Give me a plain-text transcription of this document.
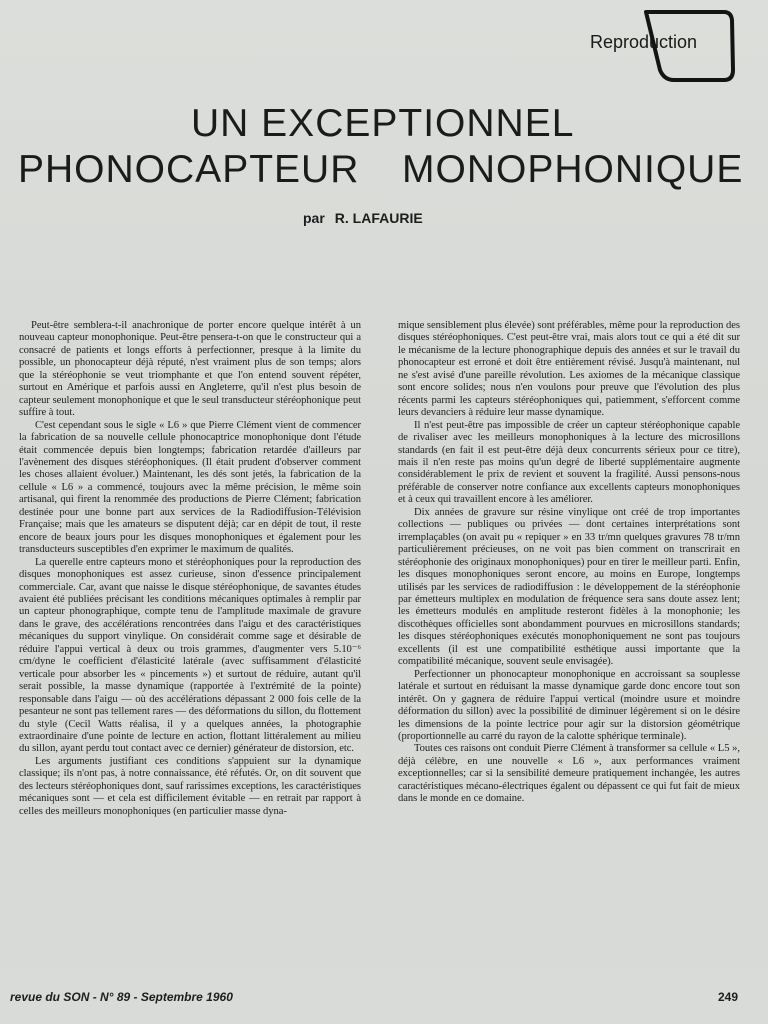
Reproduction
UN EXCEPTIONNEL
PHONOCAPTEUR MONOPHONIQUE
par R. LAFAURIE

Peut-être semblera-t-il anachronique de porter encore quelque intérêt à un nouveau capteur monophonique. Peut-être pensera-t-on que le constructeur qui a consacré de patients et longs efforts à perfectionner, presque à la limite du possible, un phonocapteur déjà réputé, n'est vraiment plus de son temps; alors que la stéréophonie se veut triomphante et que l'on entend souvent répéter, surtout en Amérique et parfois aussi en Angleterre, qu'il n'est plus besoin de capteur seulement monophonique et que le seul transducteur stéréophonique peut suffire à tout.

C'est cependant sous le sigle « L6 » que Pierre Clément vient de commencer la fabrication de sa nouvelle cellule phonocaptrice monophonique dont l'étude était commencée depuis bien longtemps; fabrication retardée d'ailleurs par l'avènement des disques stéréophoniques. (Il était prudent d'observer comment les choses allaient évoluer.) Maintenant, les dés sont jetés, la fabrication de la cellule « L6 » a commencé, toujours avec la même précision, le même soin artisanal, qui firent la renommée des productions de Pierre Clément; fabrication destinée pour une bonne part aux services de la Radiodiffusion-Télévision Française; mais que les amateurs se disputent déjà; car en dépit de tout, il reste encore de beaux jours pour les disques monophoniques et également pour les transducteurs susceptibles d'en exprimer le maximum de qualités.

La querelle entre capteurs mono et stéréophoniques pour la reproduction des disques monophoniques est assez curieuse, sinon d'essence principalement commerciale. Car, avant que naisse le disque stéréophonique, de savantes études avaient été publiées précisant les conditions mécaniques optimales à remplir par un capteur phonographique, compte tenu de l'amplitude maximale de gravure dans le grave, des accélérations rencontrées dans l'aigu et des caractéristiques mécaniques du support vinylique. On considérait comme sage et désirable de réduire l'appui vertical à deux ou trois grammes, d'augmenter vers 5.10⁻⁶ cm/dyne le coefficient d'élasticité latérale (avec suffisamment d'élasticité verticale pour absorber les « pincements ») et surtout de réduire, autant qu'il serait possible, la masse dynamique (rapportée à l'extrémité de la pointe) responsable dans l'aigu — où des accélérations dépassant 2 000 fois celle de la pesanteur ne sont pas tellement rares — des déformations du sillon, du flottement du style (Cecil Watts réalisa, il y a quelques années, la photographie extraordinaire d'une pointe de lecture en action, flottant littéralement au milieu du sillon, ayant perdu tout contact avec ce dernier) générateur de distorsion, etc.

Les arguments justifiant ces conditions s'appuient sur la dynamique classique; ils n'ont pas, à notre connaissance, été réfutés. Or, on dit souvent que des lecteurs stéréophoniques dont, sauf rarissimes exceptions, les caractéristiques mécaniques sont — et cela est difficilement évitable — en retrait par rapport à celles des meilleurs monophoniques (en particulier masse dyna-

mique sensiblement plus élevée) sont préférables, même pour la reproduction des disques stéréophoniques. C'est peut-être vrai, mais alors tout ce qui a été dit sur le mécanisme de la lecture phonographique depuis des années et sur le travail du phonocapteur est erroné et doit être entièrement révisé. Jusqu'à maintenant, nul ne s'est avisé d'une pareille révolution. Les axiomes de la mécanique classique sont encore solides; nous n'en voulons pour preuve que l'évolution des plus récents parmi les capteurs stéréophoniques qui, patiemment, s'efforcent comme leurs devanciers à réduire leur masse dynamique.

Il n'est peut-être pas impossible de créer un capteur stéréophonique capable de rivaliser avec les meilleurs monophoniques à la lecture des microsillons standards (en fait il est peut-être déjà deux concurrents sérieux pour ce titre), mais il n'en reste pas moins qu'un degré de liberté supplémentaire augmente considérablement le prix de revient et souvent la fragilité. Aussi pensons-nous préférable de conserver notre confiance aux excellents capteurs monophoniques et à ceux qui travaillent encore à les améliorer.

Dix années de gravure sur résine vinylique ont créé de trop importantes collections — publiques ou privées — dont certaines interprétations sont irremplaçables (on avait pu « repiquer » en 33 tr/mn quelques gravures 78 tr/mn particulièrement précieuses, on ne voit pas bien comment on transcrirait en stéréophonie des originaux monophoniques) pour en tirer le meilleur parti. Enfin, les disques monophoniques seront encore, au moins en Europe, longtemps utilisés par les services de radiodiffusion : le développement de la stéréophonie par émetteurs multiplex en modulation de fréquence sera sans doute assez lent; les émetteurs modulés en amplitude resteront fidèles à la monophonie; les discothèques officielles sont abondamment pourvues en microsillons standards; les disques stéréophoniques exécutés monophoniquement ne sont pas toujours excellents (il est une compatibilité esthétique aussi importante que la compatibilité mécanique, souvent seule envisagée).

Perfectionner un phonocapteur monophonique en accroissant sa souplesse latérale et surtout en réduisant la masse dynamique garde donc encore tout son intérêt. On y gagnera de réduire l'appui vertical (moindre usure et moindre déformation du sillon) avec la possibilité de diminuer légèrement si on le désire les dimensions de la pointe lectrice pour agir sur la distorsion géométrique (proportionnelle au carré du rayon de la calotte sphérique terminale).

Toutes ces raisons ont conduit Pierre Clément à transformer sa cellule « L5 », déjà célèbre, en une nouvelle « L6 », aux performances vraiment exceptionnelles; car si la sensibilité demeure pratiquement inchangée, les autres caractéristiques mécano-électriques égalent ou dépassent ce qui fut fait de mieux dans le monde en ce domaine.

revue du SON - N° 89 - Septembre 1960	249
